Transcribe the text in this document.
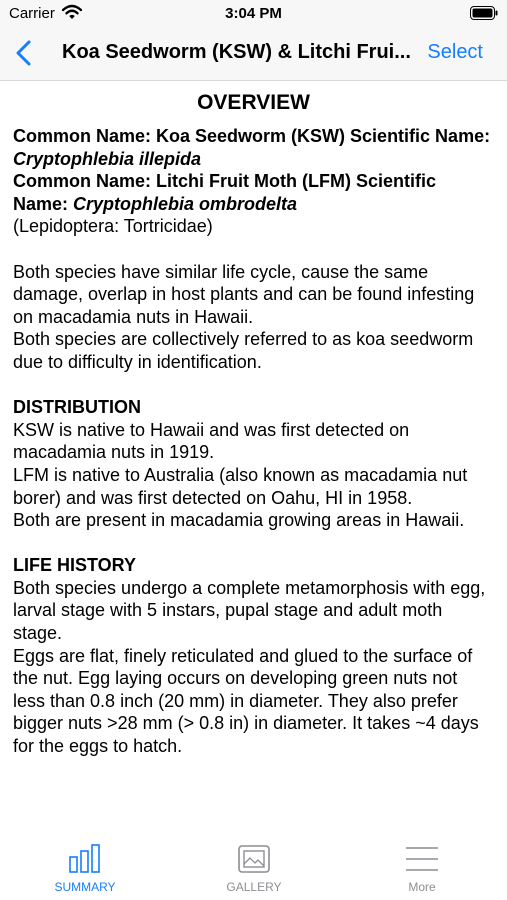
Carrier	3:04 PM
Koa Seedworm (KSW) & Litchi Frui... Select
OVERVIEW

Common Name: Koa Seedworm (KSW) Scientific Name: Cryptophlebia illepida

Common Name: Litchi Fruit Moth (LFM) Scientific Name: Cryptophlebia ombrodelta

(Lepidoptera: Tortricidae)

Both species have similar life cycle, cause the same damage, overlap in host plants and can be found infesting on macadamia nuts in Hawaii.

Both species are collectively referred to as koa seedworm due to difficulty in identification.

DISTRIBUTION

KSW is native to Hawaii and was first detected on macadamia nuts in 1919.

LFM is native to Australia (also known as macadamia nut borer) and was first detected on Oahu, HI in 1958.

Both are present in macadamia growing areas in Hawaii.

LIFE HISTORY

Both species undergo a complete metamorphosis with egg, larval stage with 5 instars, pupal stage and adult moth stage.

Eggs are flat, finely reticulated and glued to the surface of the nut. Egg laying occurs on developing green nuts not less than 0.8 inch (20 mm) in diameter. They also prefer bigger nuts >28 mm (> 0.8 in) in diameter. It takes ~4 days for the eggs to hatch.

SUMMARY	GALLERY	More
